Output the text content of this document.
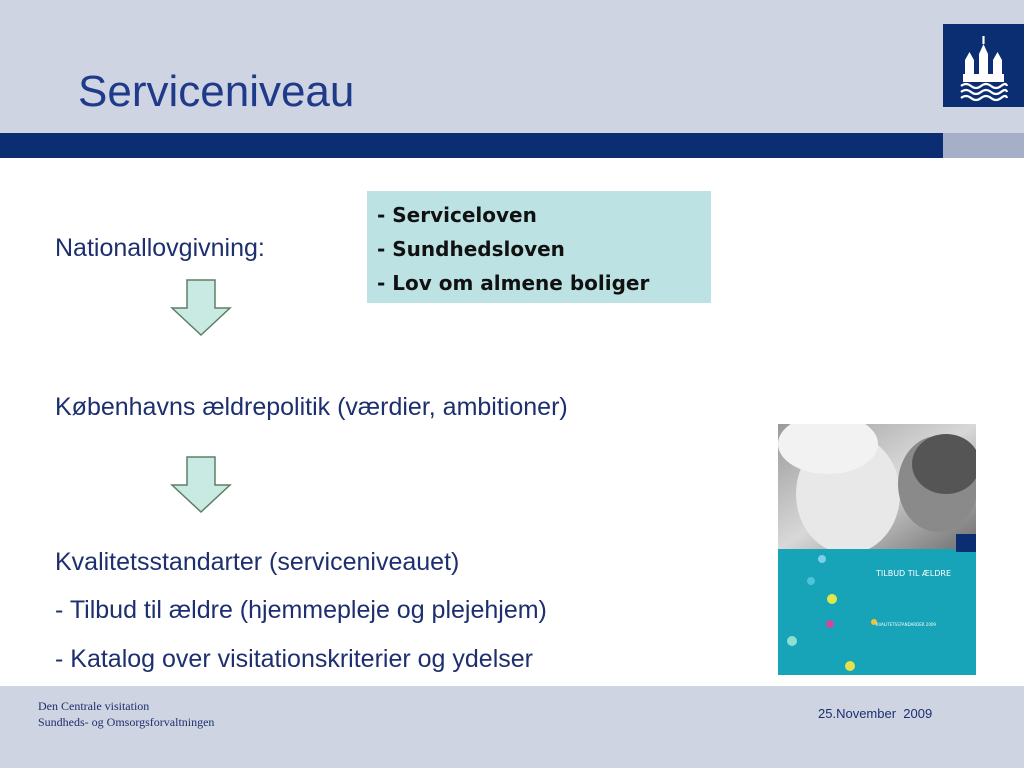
Serviceniveau
Nationallovgivning:
- Serviceloven
- Sundhedsloven
- Lov om almene boliger
Københavns ældrepolitik (værdier, ambitioner)
Kvalitetsstandarter (serviceniveauet)
- Tilbud til ældre (hjemmepleje og plejehjem)
- Katalog over visitationskriterier og ydelser
TILBUD TIL ÆLDRE
KVALITETSSTANDARDER 2009
Den Centrale visitation
Sundheds- og Omsorgsforvaltningen
25.November  2009
